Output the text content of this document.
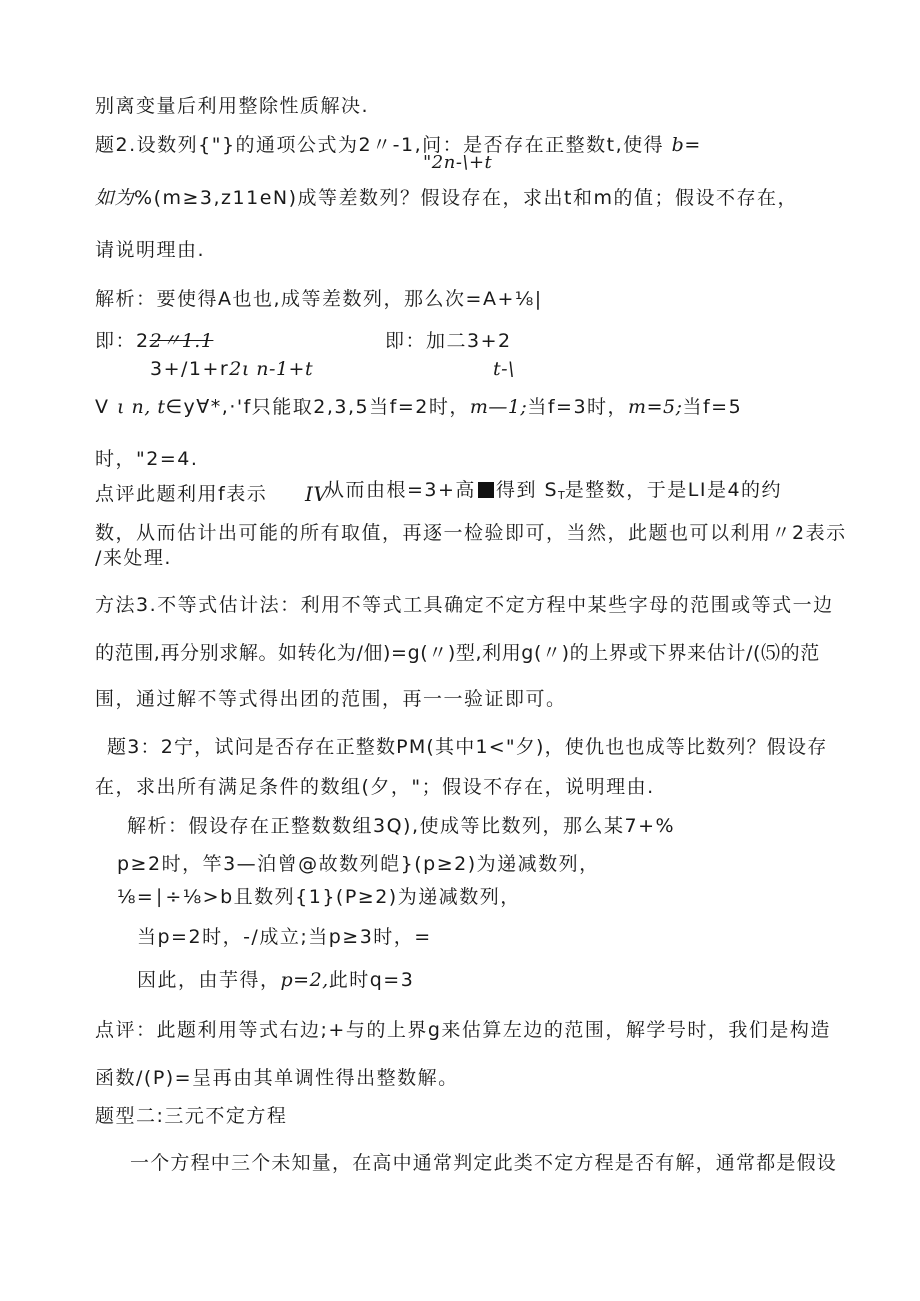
别离变量后利用整除性质解决.
题2.设数列{"}的通项公式为2〃-1,问：是否存在正整数t,使得 b=
"2n-\+t
如为%(m≥3,z11eN)成等差数列？假设存在，求出t和m的值；假设不存在，
请说明理由.
解析：要使得A也也,成等差数列，那么次=A+⅛|
即：22〃1.1	即：加二3+2
3+/1+r2ι n-1+t	t-\
V ι n, t∈y∀*,·'f只能取2,3,5当f=2时，m—1;当f=3时，m=5;当f=5
时，"2=4.
点评此题利用f表示 IV
从而由根=3+高 得到 $S_T$是整数，于是LI是4的约
数，从而估计出可能的所有取值，再逐一检验即可，当然，此题也可以利用〃2表示
/来处理.
方法3.不等式估计法：利用不等式工具确定不定方程中某些字母的范围或等式一边
的范围,再分别求解。如转化为/佃)=g(〃)型,利用g(〃)的上界或下界来估计/(⑸的范
围，通过解不等式得出团的范围，再一一验证即可。
题3：2宁，试问是否存在正整数PM(其中1<"夕)，使仇也也成等比数列？假设存
在，求出所有满足条件的数组(夕，"；假设不存在，说明理由.
解析：假设存在正整数数组3Q),使成等比数列，那么某7+%
p≥2时，竿3—泊曾@故数列皑}(p≥2)为递减数列，
⅛=∣÷⅛>b且数列{1}(P≥2)为递减数列，
当p=2时，-/成立;当p≥3时，=
因此，由芋得，p=2,此时q=3
点评：此题利用等式右边;+与的上界g来估算左边的范围，解学号时，我们是构造
函数/(P)=呈再由其单调性得出整数解。
题型二:三元不定方程
一个方程中三个未知量，在高中通常判定此类不定方程是否有解，通常都是假设
